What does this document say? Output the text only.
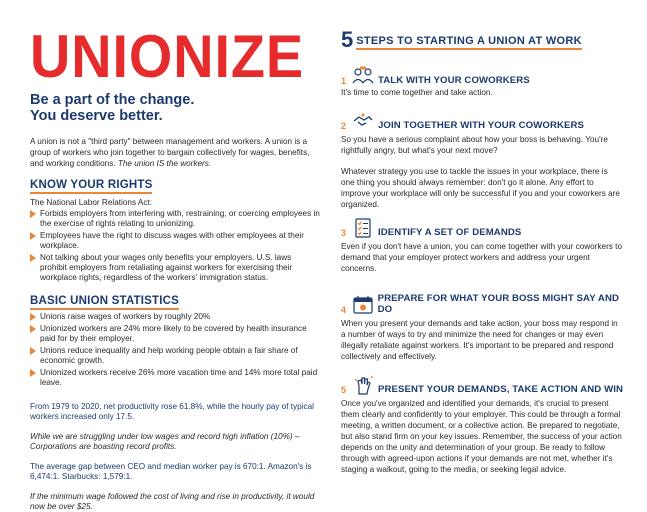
UNIONIZE
Be a part of the change.
You deserve better.

A union is not a "third party" between management and workers. A union is a group of workers who join together to bargain collectively for wages, benefits, and working conditions. The union IS the workers.

KNOW YOUR RIGHTS
The National Labor Relations Act:
Forbids employers from interfering with, restraining, or coercing employees in the exercise of rights relating to unionizing.
Employees have the right to discuss wages with other employees at their workplace.
Not talking about your wages only benefits your employers. U.S. laws prohibit employers from retaliating against workers for exercising their workplace rights, regardless of the workers' immigration status.
BASIC UNION STATISTICS
Unions raise wages of workers by roughly 20%
Unionized workers are 24% more likely to be covered by health insurance paid for by their employer.
Unions reduce inequality and help working people obtain a fair share of economic growth.
Unionized workers receive 26% more vacation time and 14% more total paid leave.

From 1979 to 2020, net productivity rose 61.8%, while the hourly pay of typical workers increased only 17.5.

While we are struggling under low wages and record high inflation (10%) – Corporations are boasting record profits.

The average gap between CEO and median worker pay is 670:1. Amazon's is 6,474:1. Starbucks: 1,579:1.

If the minimum wage followed the cost of living and rise in productivity, it would now be over $25.

5 STEPS TO STARTING A UNION AT WORK
1	TALK WITH YOUR COWORKERS
It's time to come together and take action.
2	JOIN TOGETHER WITH YOUR COWORKERS
So you have a serious complaint about how your boss is behaving. You're rightfully angry, but what's your next move?
Whatever strategy you use to tackle the issues in your workplace, there is one thing you should always remember: don't go it alone. Any effort to improve your workplace will only be successful if you and your coworkers are organized.
3	IDENTIFY A SET OF DEMANDS
Even if you don't have a union, you can come together with your coworkers to demand that your employer protect workers and address your urgent concerns.
4
PREPARE FOR WHAT YOUR BOSS MIGHT SAY AND DO
When you present your demands and take action, your boss may respond in a number of ways to try and minimize the need for changes or may even illegally retaliate against workers. It's important to be prepared and respond collectively and effectively.
5	PRESENT YOUR DEMANDS, TAKE ACTION AND WIN
Once you've organized and identified your demands, it's crucial to present them clearly and confidently to your employer. This could be through a formal meeting, a written document, or a collective action. Be prepared to negotiate, but also stand firm on your key issues. Remember, the success of your action depends on the unity and determination of your group. Be ready to follow through with agreed-upon actions if your demands are not met, whether it's staging a walkout, going to the media, or seeking legal advice.
